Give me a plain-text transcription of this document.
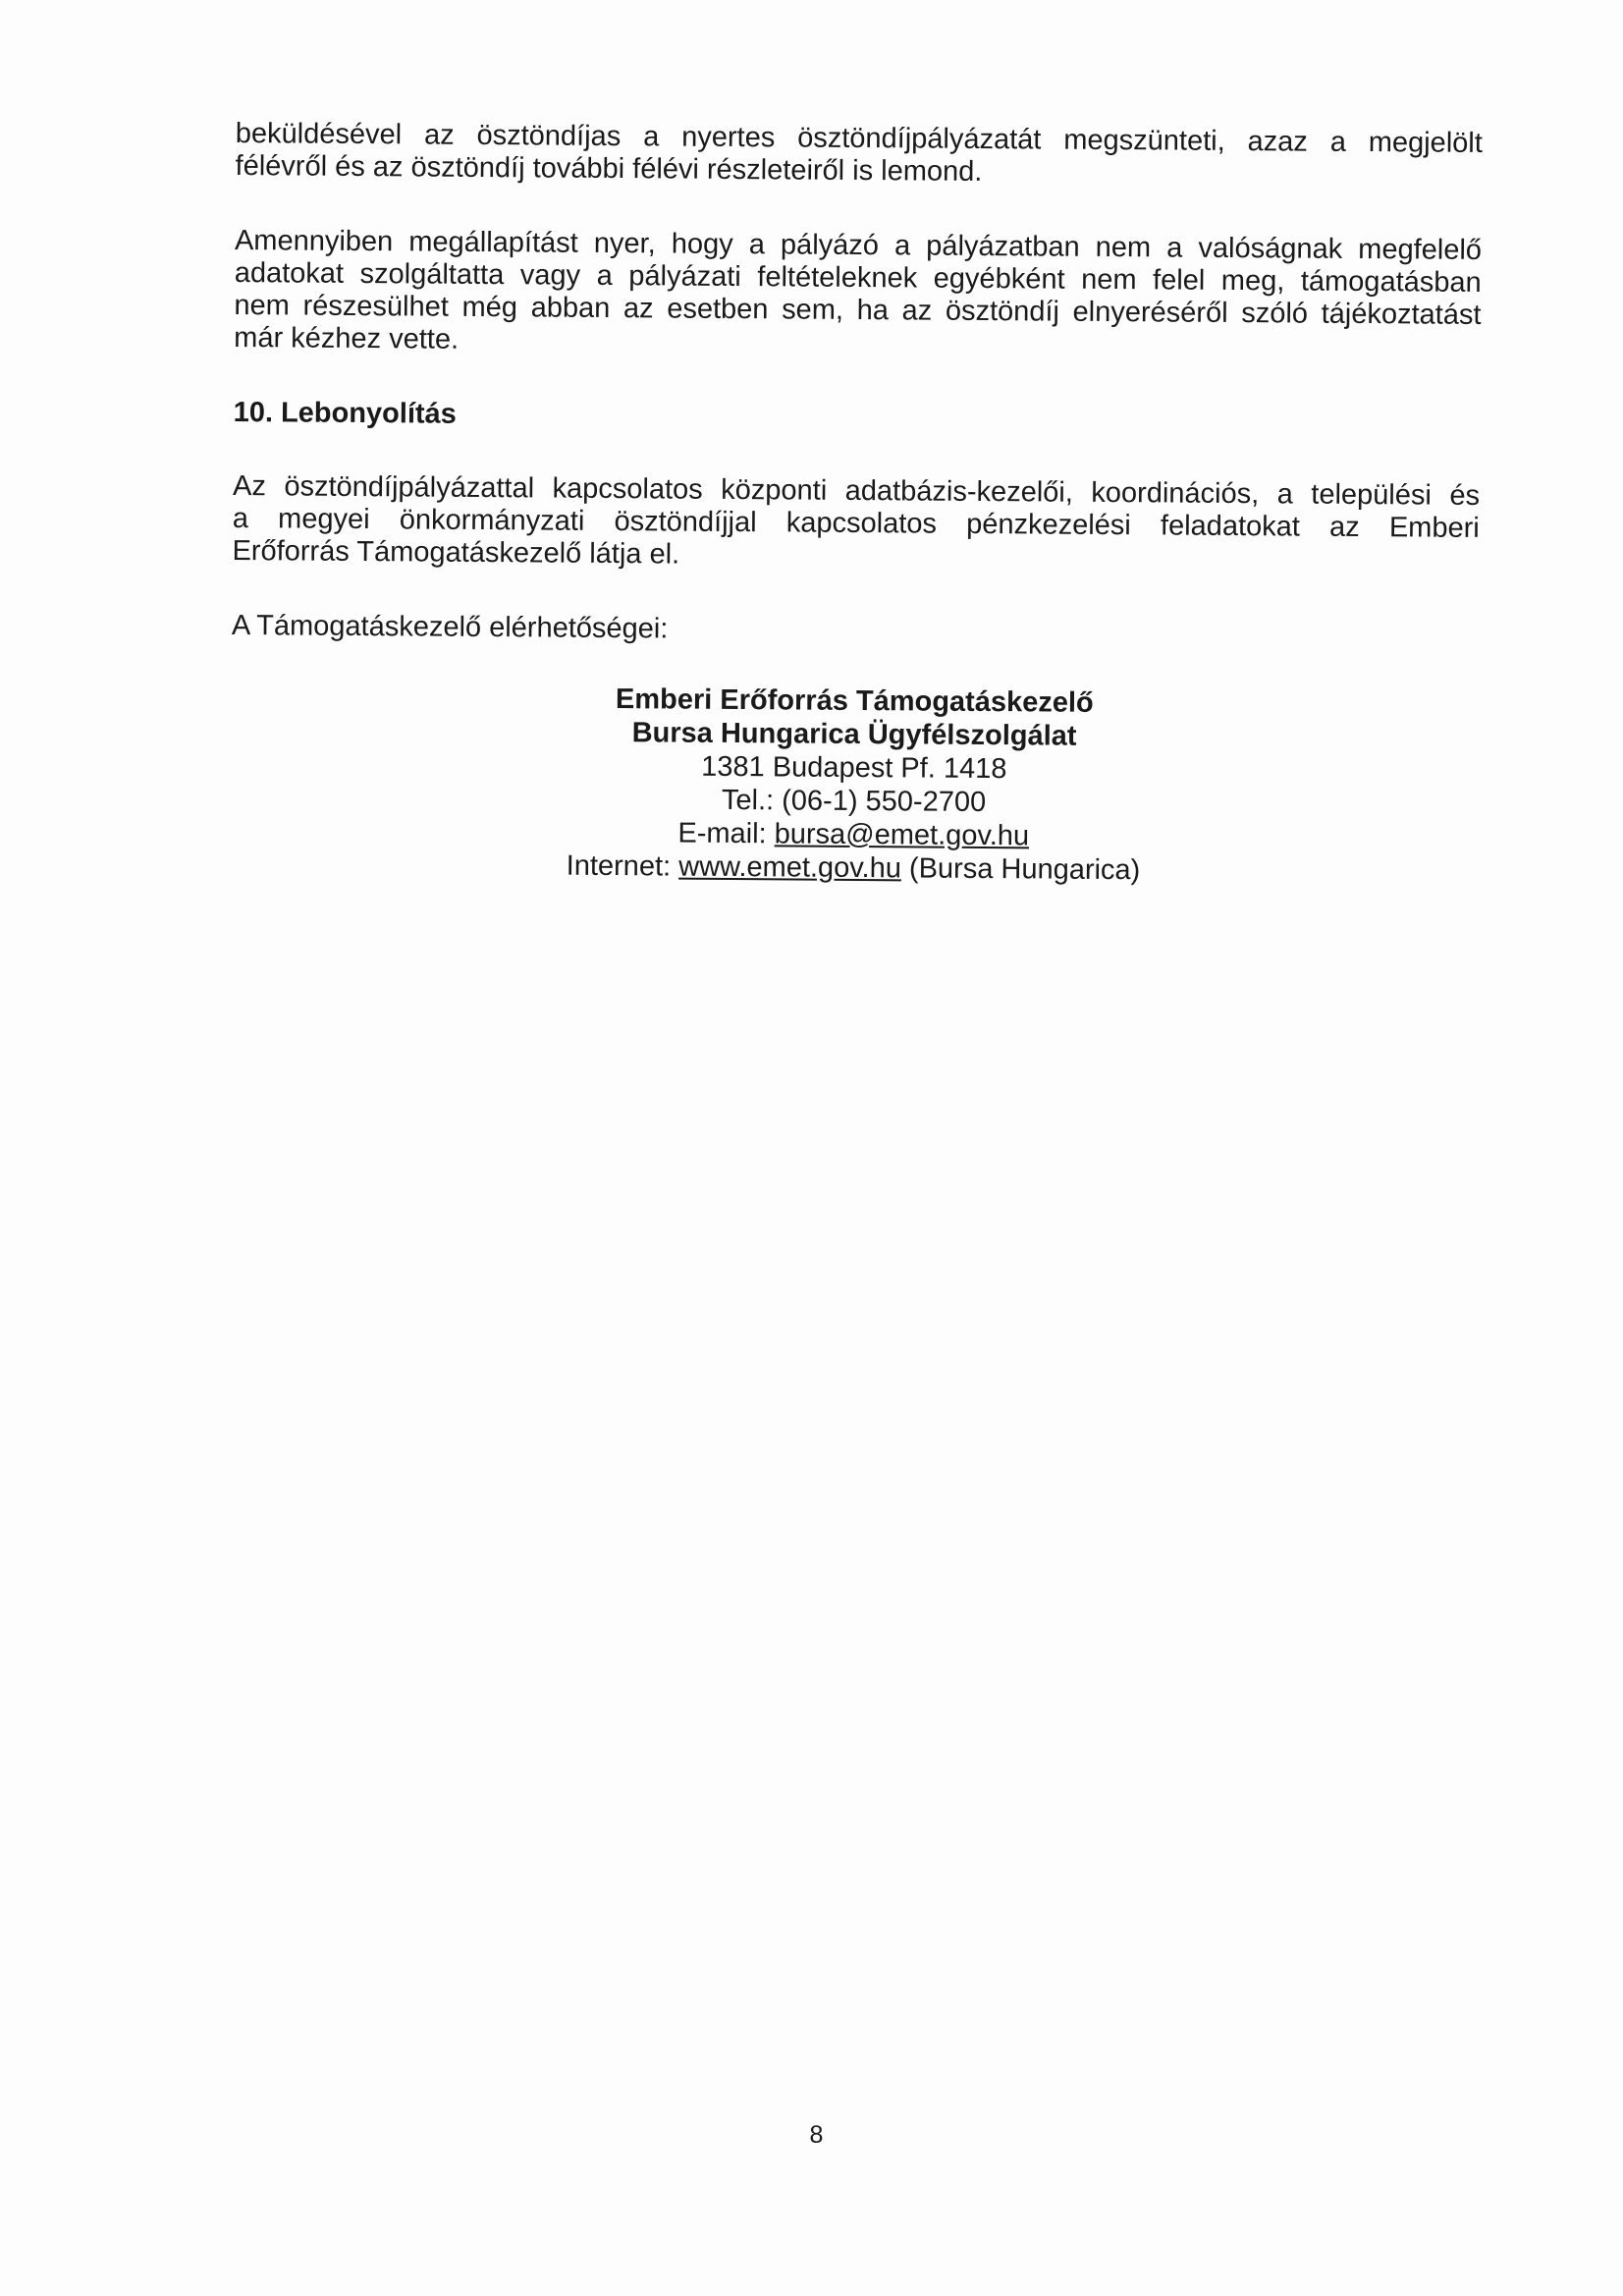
beküldésével az ösztöndíjas a nyertes ösztöndíjpályázatát megszünteti, azaz a megjelölt
félévről és az ösztöndíj további félévi részleteiről is lemond.

Amennyiben megállapítást nyer, hogy a pályázó a pályázatban nem a valóságnak megfelelő
adatokat szolgáltatta vagy a pályázati feltételeknek egyébként nem felel meg, támogatásban
nem részesülhet még abban az esetben sem, ha az ösztöndíj elnyeréséről szóló tájékoztatást
már kézhez vette.

10. Lebonyolítás

Az ösztöndíjpályázattal kapcsolatos központi adatbázis-kezelői, koordinációs, a települési és
a megyei önkormányzati ösztöndíjjal kapcsolatos pénzkezelési feladatokat az Emberi
Erőforrás Támogatáskezelő látja el.

A Támogatáskezelő elérhetőségei:

Emberi Erőforrás Támogatáskezelő
Bursa Hungarica Ügyfélszolgálat
1381 Budapest Pf. 1418
Tel.: (06-1) 550-2700
E-mail: bursa@emet.gov.hu
Internet: www.emet.gov.hu (Bursa Hungarica)
8
